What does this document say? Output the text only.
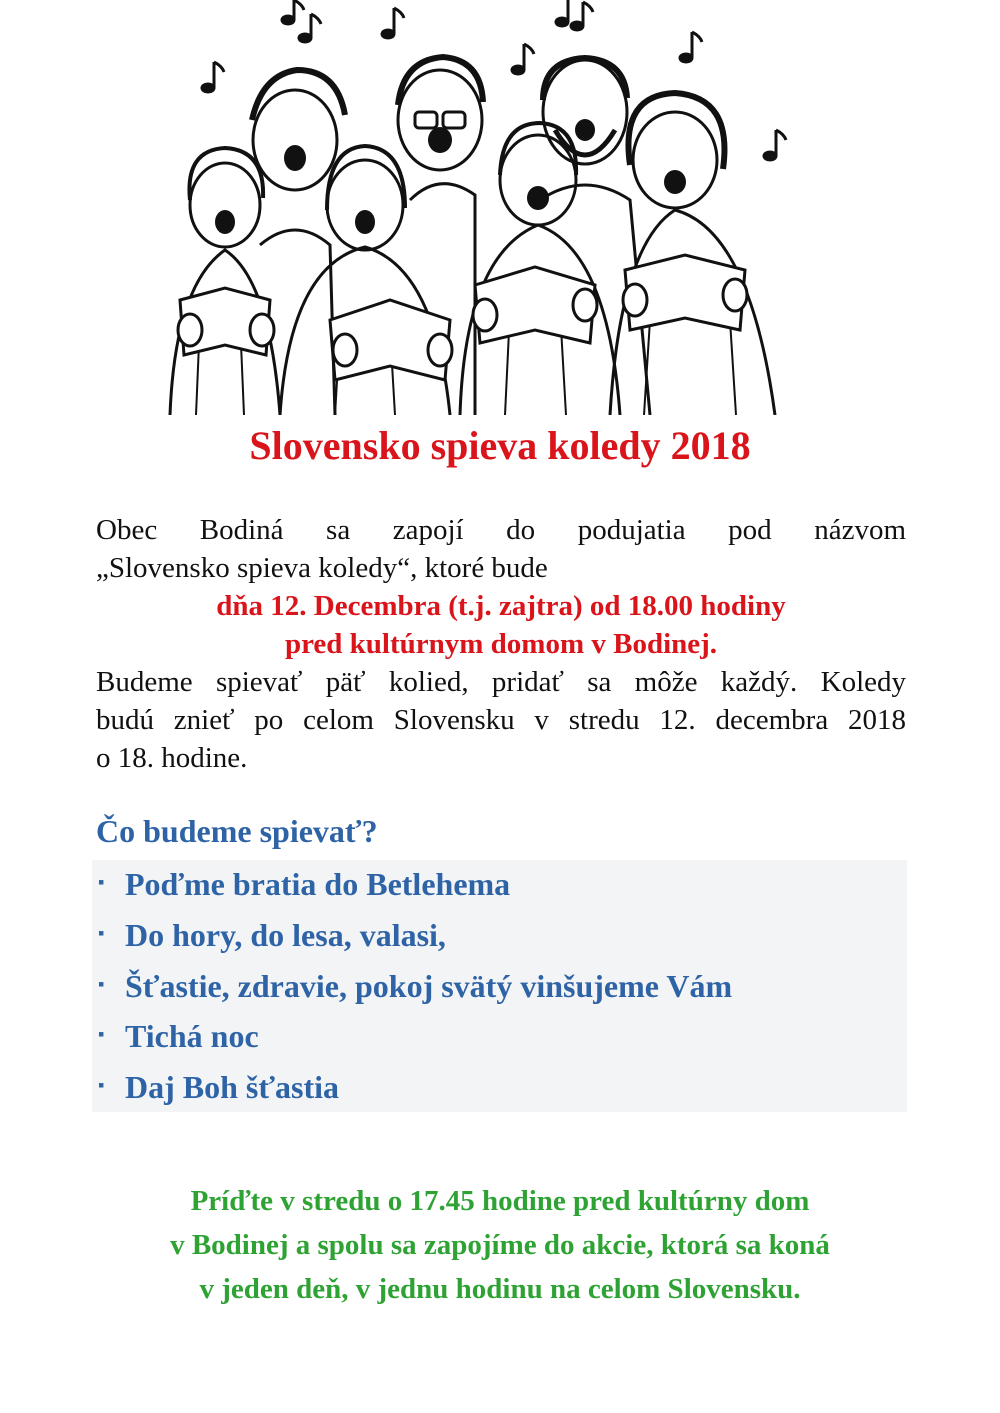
Slovensko spieva koledy 2018
Obec Bodiná sa zapojí do podujatia pod názvom
„Slovensko spieva koledy“, ktoré bude
dňa 12. Decembra (t.j. zajtra) od 18.00 hodiny
pred kultúrnym domom v Bodinej.
Budeme spievať päť kolied, pridať sa môže každý. Koledy
budú znieť po celom Slovensku v stredu 12. decembra 2018
o 18. hodine.
Čo budeme spievať?
▪ Poďme bratia do Betlehema
▪ Do hory, do lesa, valasi,
▪ Šťastie, zdravie, pokoj svätý vinšujeme Vám
▪ Tichá noc
▪ Daj Boh šťastia
Príďte v stredu o 17.45 hodine pred kultúrny dom
v Bodinej a spolu sa zapojíme do akcie, ktorá sa koná
v jeden deň, v jednu hodinu na celom Slovensku.
